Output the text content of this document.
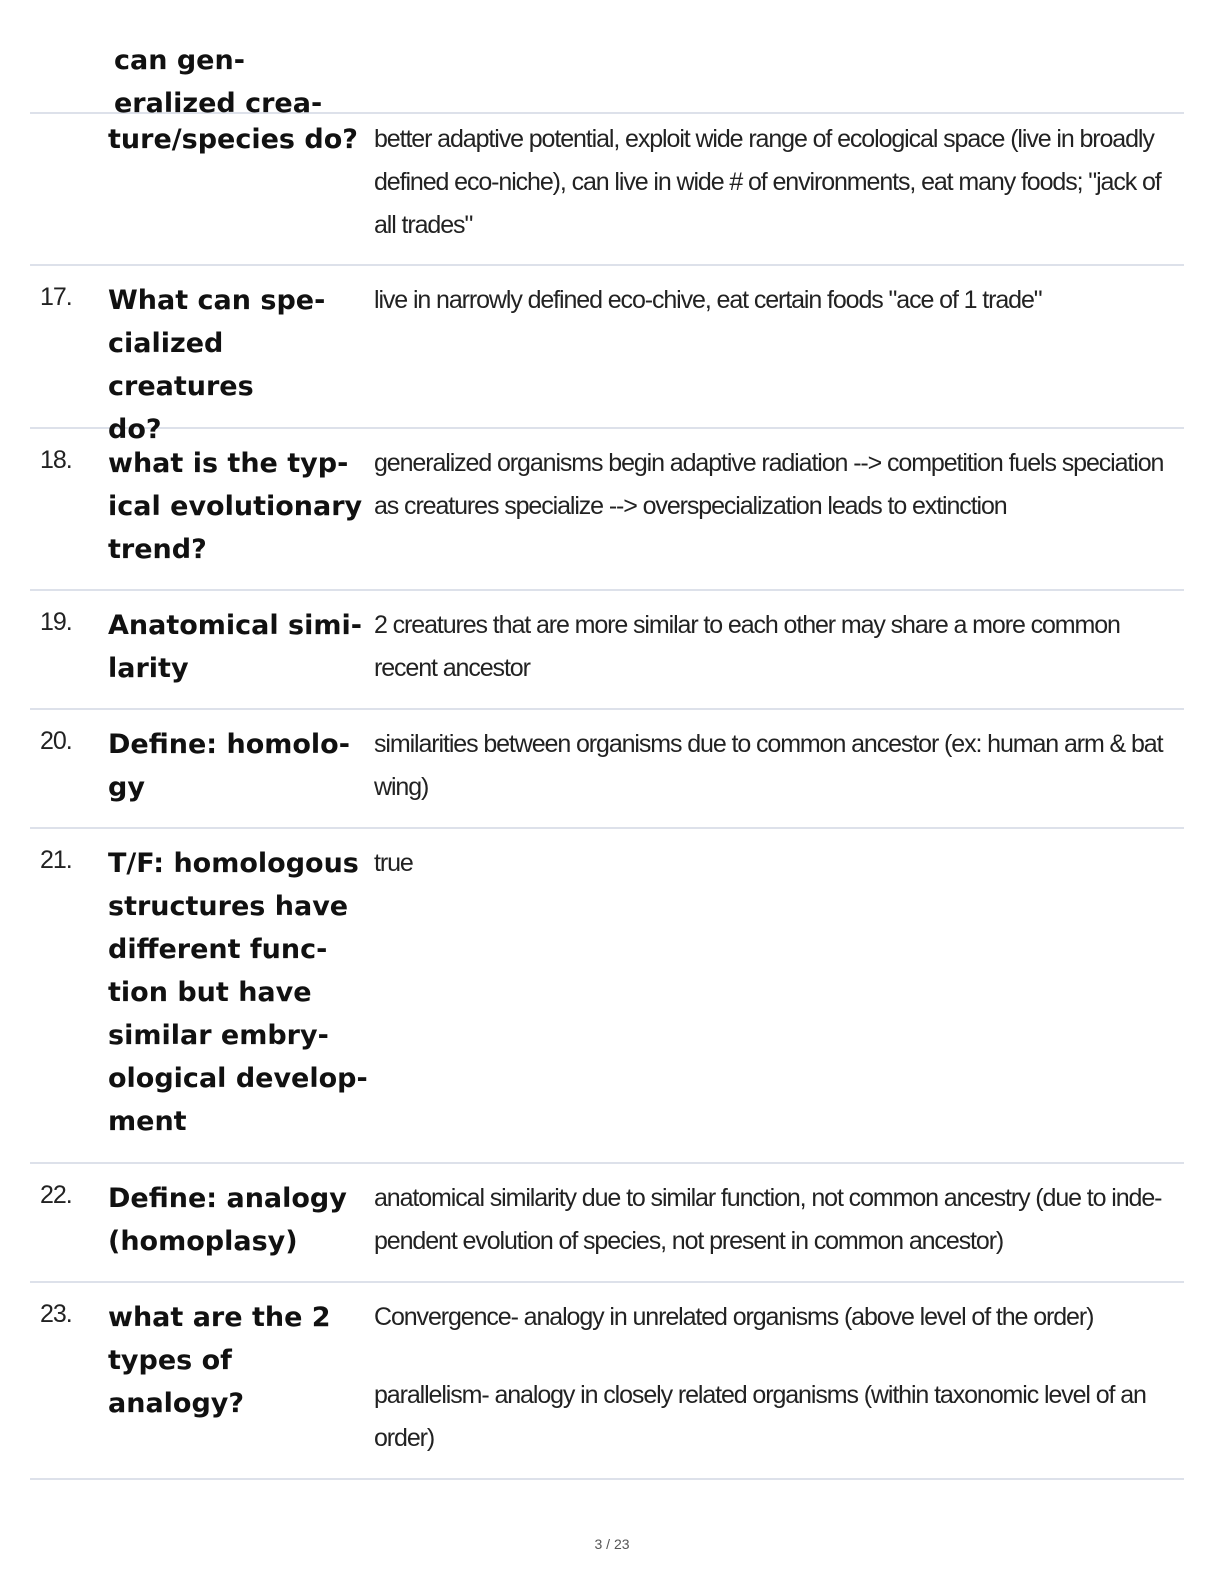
can gen-
eralized crea-
ture/species do? better adaptive potential, exploit wide range of ecological space (live in broadly defined eco-niche), can live in wide # of environments, eat many foods; "jack of all trades"

17. What can spe-
cialized creatures
do?

live in narrowly defined eco-chive, eat certain foods "ace of 1 trade"

18. what is the typ-
ical evolutionary
trend?

generalized organisms begin adaptive radiation --> competition fuels speciation as creatures specialize --> overspecialization leads to extinction

19. Anatomical simi-
larity

2 creatures that are more similar to each other may share a more common recent ancestor

20. Define: homolo-
gy

similarities between organisms due to common ancestor (ex: human arm & bat wing)

21. T/F: homologous
structures have
different func-
tion but have
similar embry-
ological develop-
ment

true

22. Define: analogy
(homoplasy)

anatomical similarity due to similar function, not common ancestry (due to inde-pendent evolution of species, not present in common ancestor)

23. what are the 2
types of analogy?

Convergence- analogy in unrelated organisms (above level of the order)

parallelism- analogy in closely related organisms (within taxonomic level of an order)

3 / 23
